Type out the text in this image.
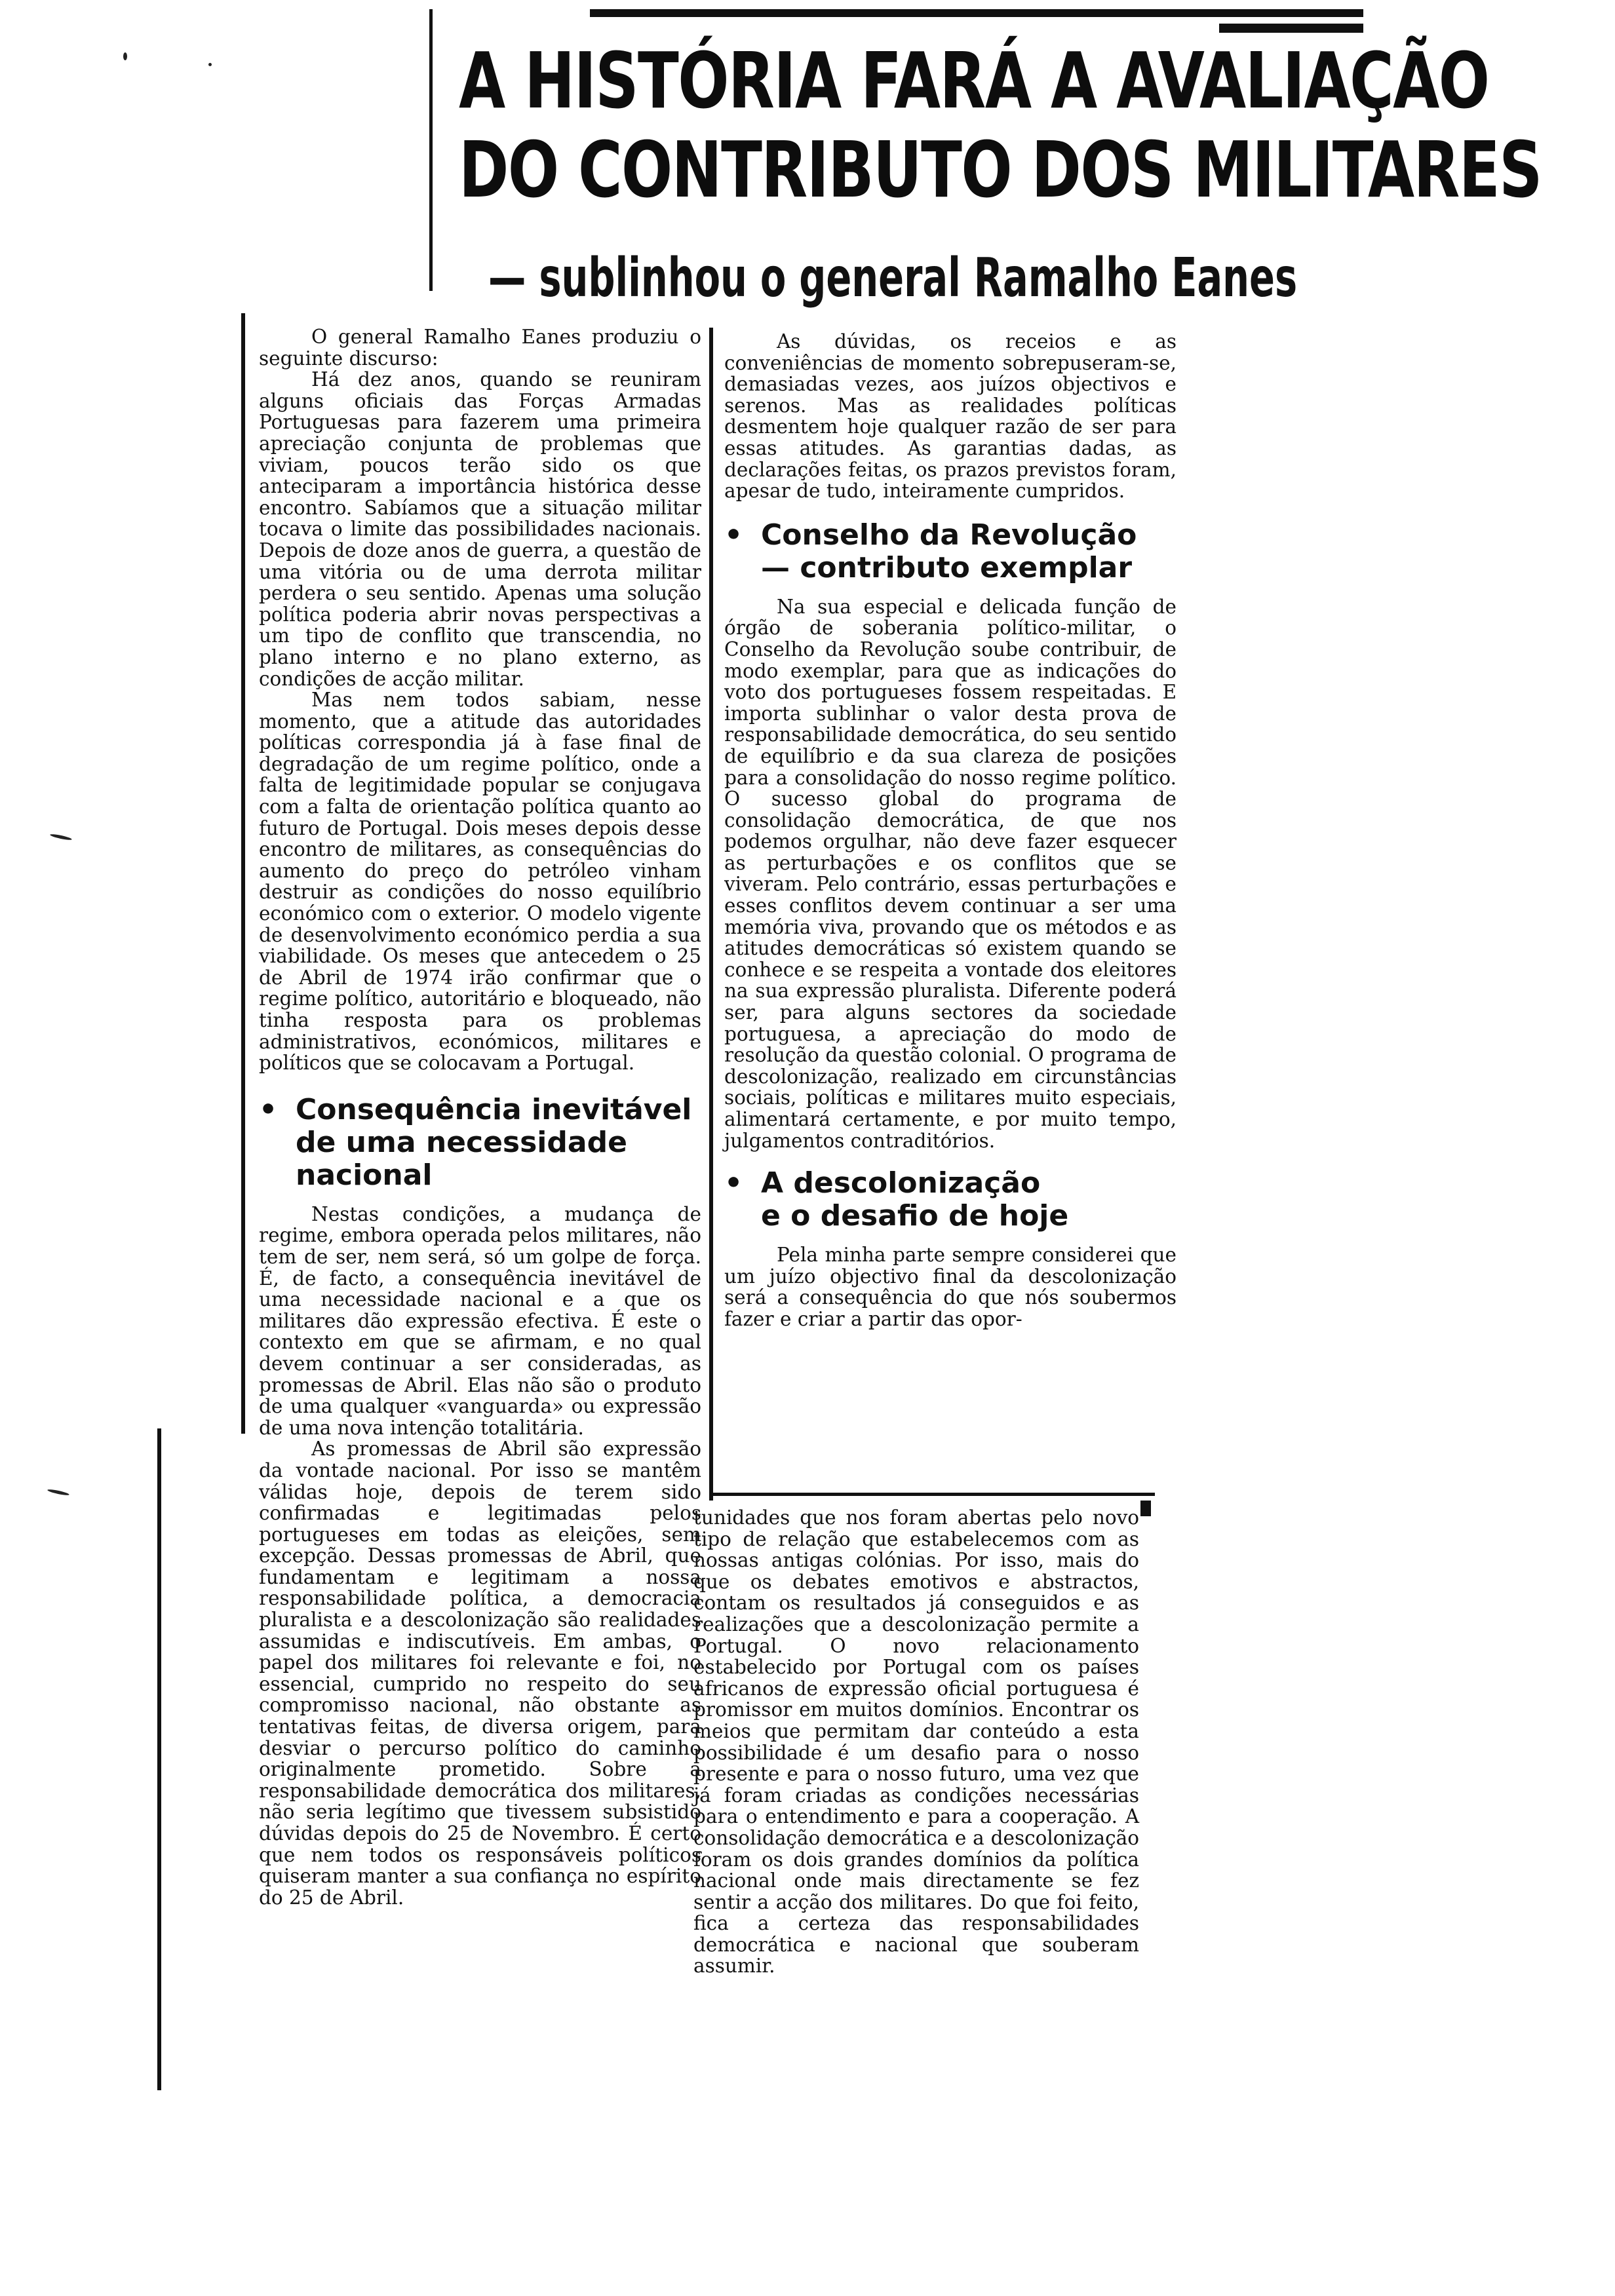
A HISTÓRIA FARÁ A AVALIAÇÃO
DO CONTRIBUTO DOS MILITARES
— sublinhou o general Ramalho Eanes

O general Ramalho Eanes produziu o seguinte discurso:

Há dez anos, quando se reuniram alguns oficiais das Forças Armadas Portuguesas para fazerem uma primeira apreciação conjunta de problemas que viviam, poucos terão sido os que anteciparam a importância histórica desse encontro. Sabíamos que a situação militar tocava o limite das possibilidades nacionais. Depois de doze anos de guerra, a questão de uma vitória ou de uma derrota militar perdera o seu sentido. Apenas uma solução política poderia abrir novas perspectivas a um tipo de conflito que transcendia, no plano interno e no plano externo, as condições de acção militar.

Mas nem todos sabiam, nesse momento, que a atitude das autoridades políticas correspondia já à fase final de degradação de um regime político, onde a falta de legitimidade popular se conjugava com a falta de orientação política quanto ao futuro de Portugal. Dois meses depois desse encontro de militares, as consequências do aumento do preço do petróleo vinham destruir as condições do nosso equilíbrio económico com o exterior. O modelo vigente de desenvolvimento económico perdia a sua viabilidade. Os meses que antecedem o 25 de Abril de 1974 irão confirmar que o regime político, autoritário e bloqueado, não tinha resposta para os problemas administrativos, económicos, militares e políticos que se colocavam a Portugal.

• Consequência inevitável
de uma necessidade
nacional

Nestas condições, a mudança de regime, embora operada pelos militares, não tem de ser, nem será, só um golpe de força. É, de facto, a consequência inevitável de uma necessidade nacional e a que os militares dão expressão efectiva. É este o contexto em que se afirmam, e no qual devem continuar a ser consideradas, as promessas de Abril. Elas não são o produto de uma qualquer «vanguarda» ou expressão de uma nova intenção totalitária.

As promessas de Abril são expressão da vontade nacional. Por isso se mantêm válidas hoje, depois de terem sido confirmadas e legitimadas pelos portugueses em todas as eleições, sem excepção. Dessas promessas de Abril, que fundamentam e legitimam a nossa responsabilidade política, a democracia pluralista e a descolonização são realidades assumidas e indiscutíveis. Em ambas, o papel dos militares foi relevante e foi, no essencial, cumprido no respeito do seu compromisso nacional, não obstante as tentativas feitas, de diversa origem, para desviar o percurso político do caminho originalmente prometido. Sobre a responsabilidade democrática dos militares, não seria legítimo que tivessem subsistido dúvidas depois do 25 de Novembro. É certo que nem todos os responsáveis políticos quiseram manter a sua confiança no espírito do 25 de Abril.

As dúvidas, os receios e as conveniências de momento sobrepuseram-se, demasiadas vezes, aos juízos objectivos e serenos. Mas as realidades políticas desmentem hoje qualquer razão de ser para essas atitudes. As garantias dadas, as declarações feitas, os prazos previstos foram, apesar de tudo, inteiramente cumpridos.

• Conselho da Revolução
— contributo exemplar

Na sua especial e delicada função de órgão de soberania político-militar, o Conselho da Revolução soube contribuir, de modo exemplar, para que as indicações do voto dos portugueses fossem respeitadas. E importa sublinhar o valor desta prova de responsabilidade democrática, do seu sentido de equilíbrio e da sua clareza de posições para a consolidação do nosso regime político. O sucesso global do programa de consolidação democrática, de que nos podemos orgulhar, não deve fazer esquecer as perturbações e os conflitos que se viveram. Pelo contrário, essas perturbações e esses conflitos devem continuar a ser uma memória viva, provando que os métodos e as atitudes democráticas só existem quando se conhece e se respeita a vontade dos eleitores na sua expressão pluralista. Diferente poderá ser, para alguns sectores da sociedade portuguesa, a apreciação do modo de resolução da questão colonial. O programa de descolonização, realizado em circunstâncias sociais, políticas e militares muito especiais, alimentará certamente, e por muito tempo, julgamentos contraditórios.

• A descolonização
e o desafio de hoje

Pela minha parte sempre considerei que um juízo objectivo final da descolonização será a consequência do que nós soubermos fazer e criar a partir das opor-

tunidades que nos foram abertas pelo novo tipo de relação que estabelecemos com as nossas antigas colónias. Por isso, mais do que os debates emotivos e abstractos, contam os resultados já conseguidos e as realizações que a descolonização permite a Portugal. O novo relacionamento estabelecido por Portugal com os países africanos de expressão oficial portuguesa é promissor em muitos domínios. Encontrar os meios que permitam dar conteúdo a esta possibilidade é um desafio para o nosso presente e para o nosso futuro, uma vez que já foram criadas as condições necessárias para o entendimento e para a cooperação. A consolidação democrática e a descolonização foram os dois grandes domínios da política nacional onde mais directamente se fez sentir a acção dos militares. Do que foi feito, fica a certeza das responsabilidades democrática e nacional que souberam assumir.
